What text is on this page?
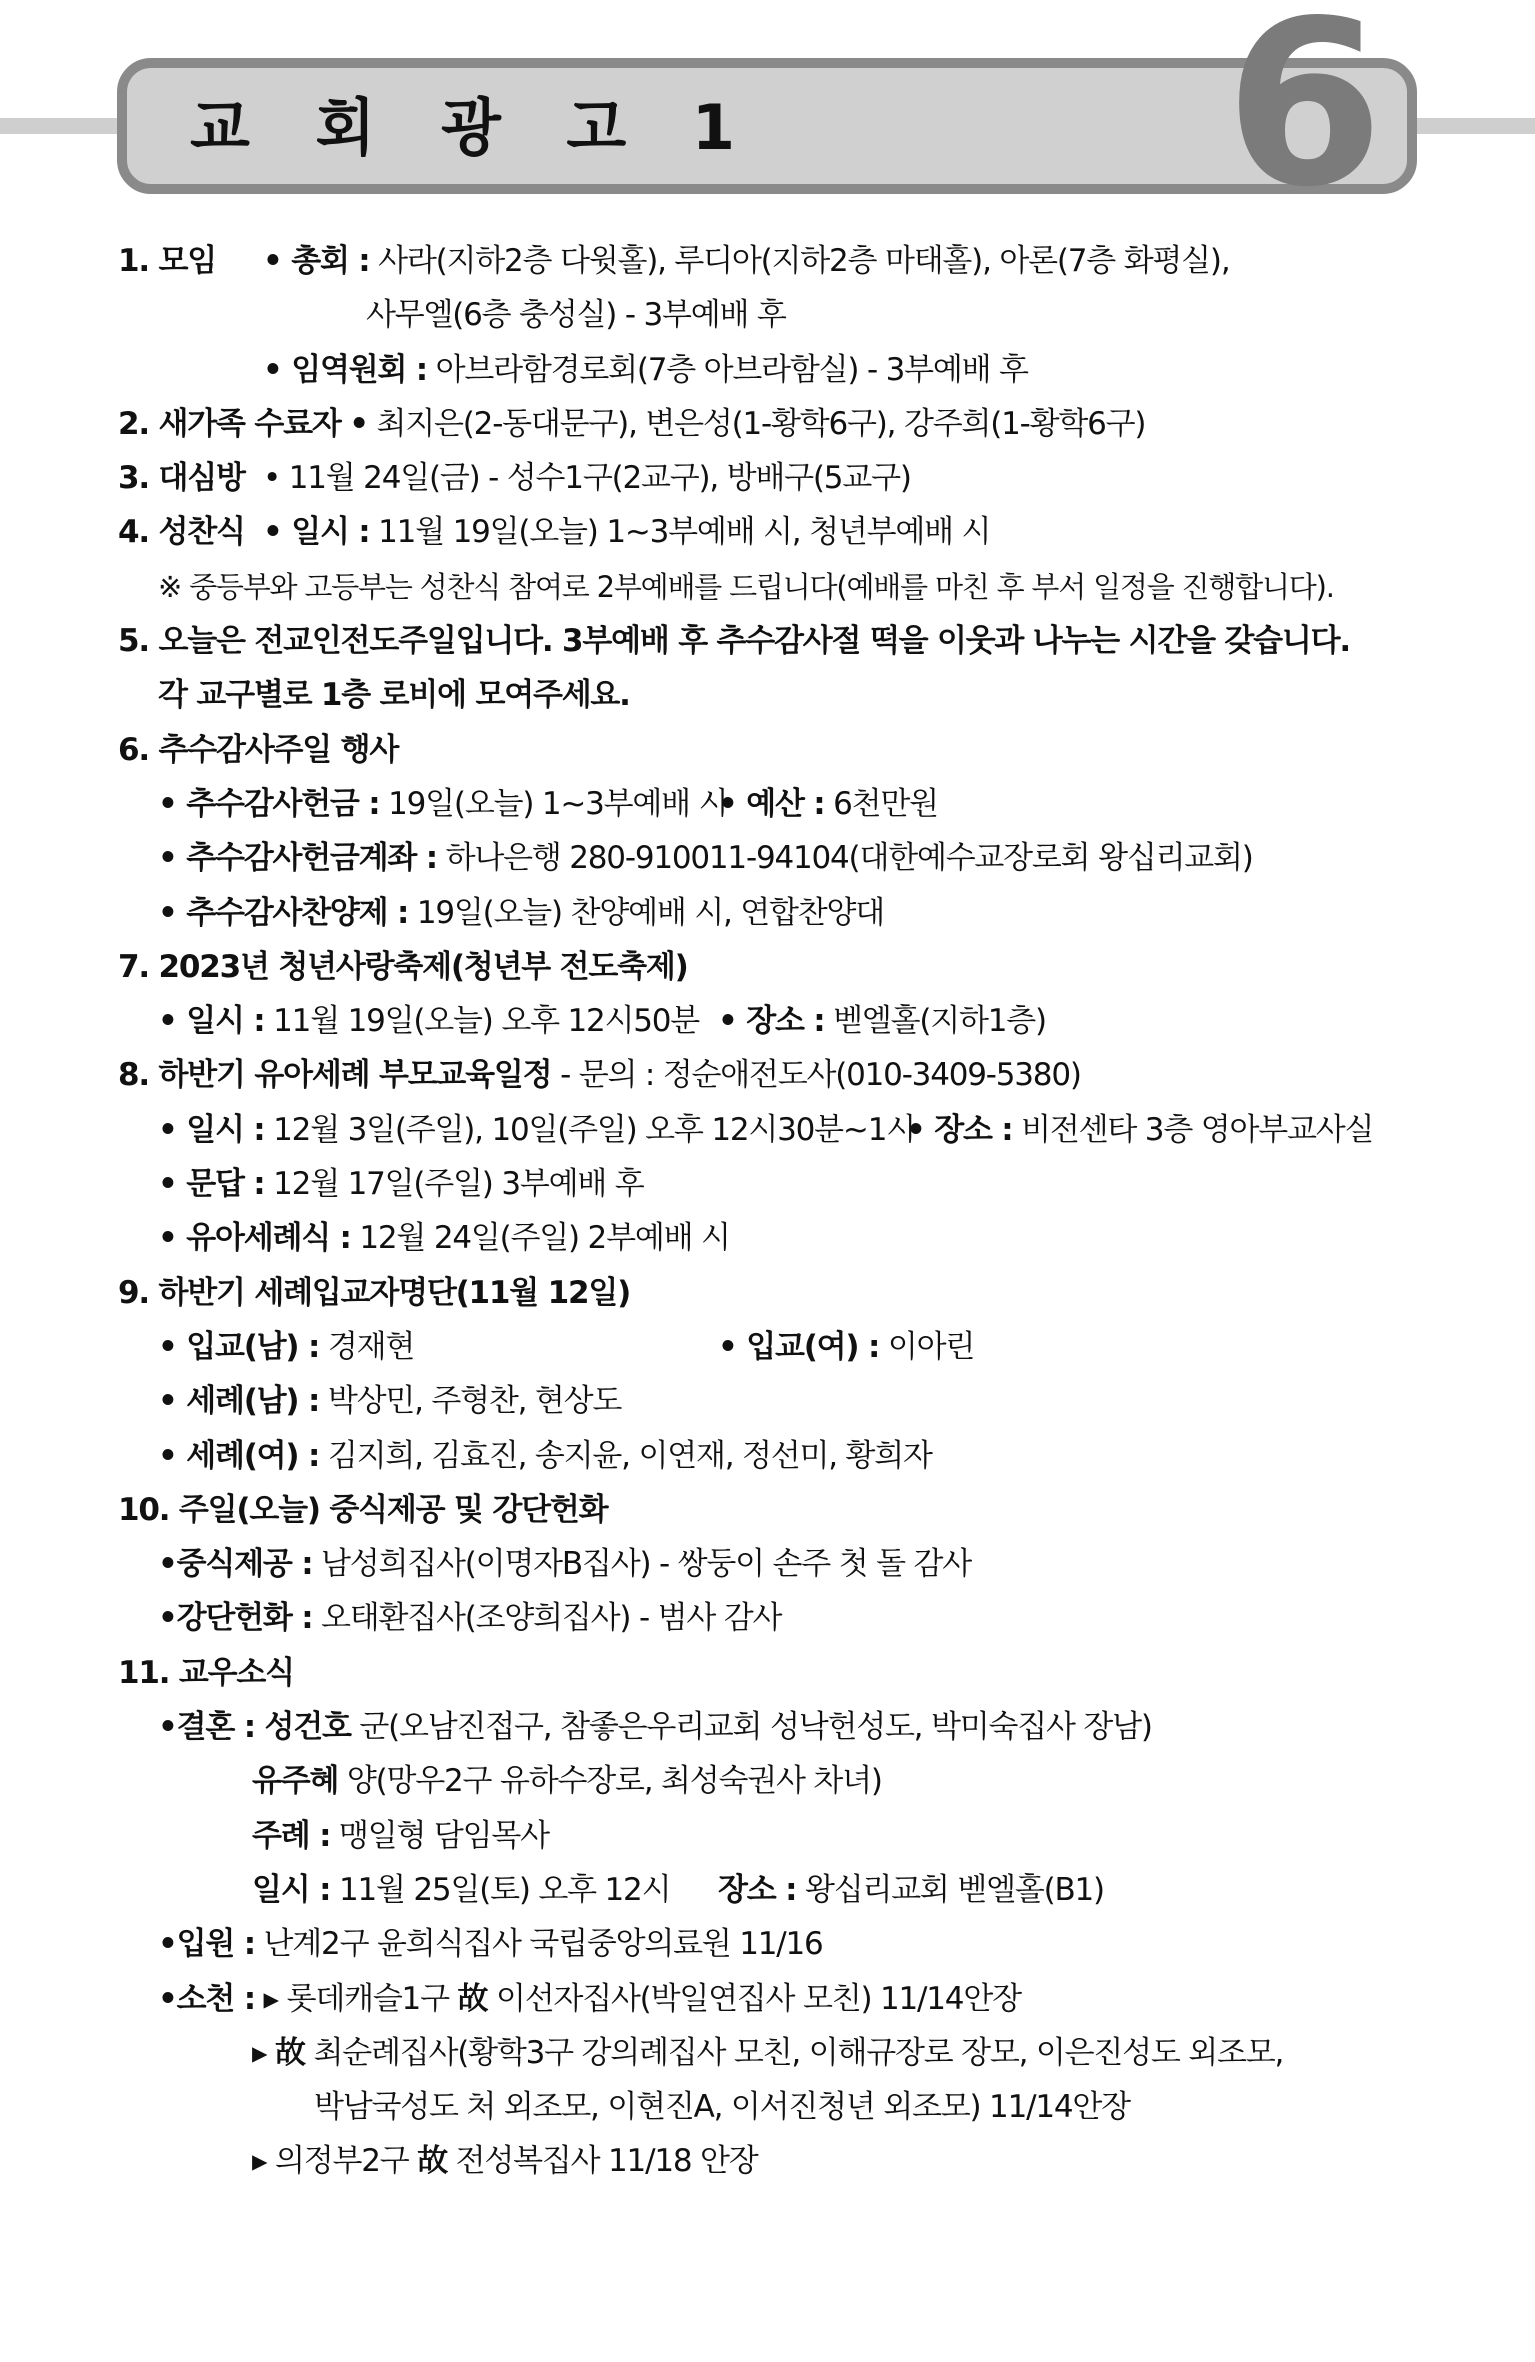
교 회 광 고 1 6
1. 모임 • 총회 : 사라(지하2층 다윗홀), 루디아(지하2층 마태홀), 아론(7층 화평실),
사무엘(6층 충성실) - 3부예배 후
• 임역원회 : 아브라함경로회(7층 아브라함실) - 3부예배 후
2. 새가족 수료자 • 최지은(2-동대문구), 변은성(1-황학6구), 강주희(1-황학6구)
3. 대심방 • 11월 24일(금) - 성수1구(2교구), 방배구(5교구)
4. 성찬식 • 일시 : 11월 19일(오늘) 1~3부예배 시, 청년부예배 시
※ 중등부와 고등부는 성찬식 참여로 2부예배를 드립니다(예배를 마친 후 부서 일정을 진행합니다).
5. 오늘은 전교인전도주일입니다. 3부예배 후 추수감사절 떡을 이웃과 나누는 시간을 갖습니다.
각 교구별로 1층 로비에 모여주세요.
6. 추수감사주일 행사
• 추수감사헌금 : 19일(오늘) 1~3부예배 시
• 예산 : 6천만원
• 추수감사헌금계좌 : 하나은행 280-910011-94104(대한예수교장로회 왕십리교회)
• 추수감사찬양제 : 19일(오늘) 찬양예배 시, 연합찬양대
7. 2023년 청년사랑축제(청년부 전도축제)
• 일시 : 11월 19일(오늘) 오후 12시50분 • 장소 : 벧엘홀(지하1층)
8. 하반기 유아세례 부모교육일정 - 문의 : 정순애전도사(010-3409-5380)
• 일시 : 12월 3일(주일), 10일(주일) 오후 12시30분~1시
• 장소 : 비전센타 3층 영아부교사실
• 문답 : 12월 17일(주일) 3부예배 후
• 유아세례식 : 12월 24일(주일) 2부예배 시
9. 하반기 세례입교자명단(11월 12일)
• 입교(남) : 경재현	• 입교(여) : 이아린
• 세례(남) : 박상민, 주형찬, 현상도
• 세례(여) : 김지희, 김효진, 송지윤, 이연재, 정선미, 황희자
10. 주일(오늘) 중식제공 및 강단헌화
•중식제공 : 남성희집사(이명자B집사) - 쌍둥이 손주 첫 돌 감사
•강단헌화 : 오태환집사(조양희집사) - 범사 감사
11. 교우소식
•결혼 : 성건호 군(오남진접구, 참좋은우리교회 성낙헌성도, 박미숙집사 장남)
유주혜 양(망우2구 유하수장로, 최성숙권사 차녀)
주례 : 맹일형 담임목사
일시 : 11월 25일(토) 오후 12시 장소 : 왕십리교회 벧엘홀(B1)
•입원 : 난계2구 윤희식집사 국립중앙의료원 11/16
•소천 : ▸ 롯데캐슬1구 故 이선자집사(박일연집사 모친) 11/14안장
▸ 故 최순례집사(황학3구 강의례집사 모친, 이해규장로 장모, 이은진성도 외조모,
박남국성도 처 외조모, 이현진A, 이서진청년 외조모) 11/14안장
▸ 의정부2구 故 전성복집사 11/18 안장
